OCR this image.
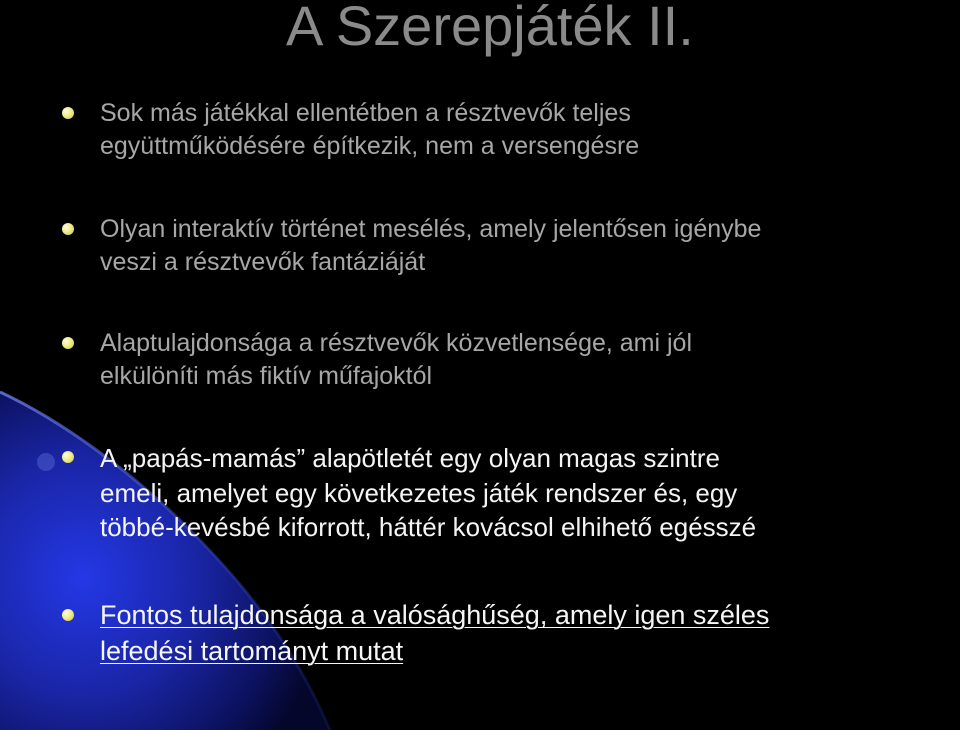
A Szerepjáték II.
Sok más játékkal ellentétben a résztvevők teljes
együttműködésére építkezik, nem a versengésre
Olyan interaktív történet mesélés, amely jelentősen igénybe
veszi a résztvevők fantáziáját
Alaptulajdonsága a résztvevők közvetlensége, ami jól
elkülöníti más fiktív műfajoktól
A „papás-mamás” alapötletét egy olyan magas szintre
emeli, amelyet egy következetes játék rendszer és, egy
többé-kevésbé kiforrott, háttér kovácsol elhihető egésszé
Fontos tulajdonsága a valósághűség, amely igen széles
lefedési tartományt mutat
